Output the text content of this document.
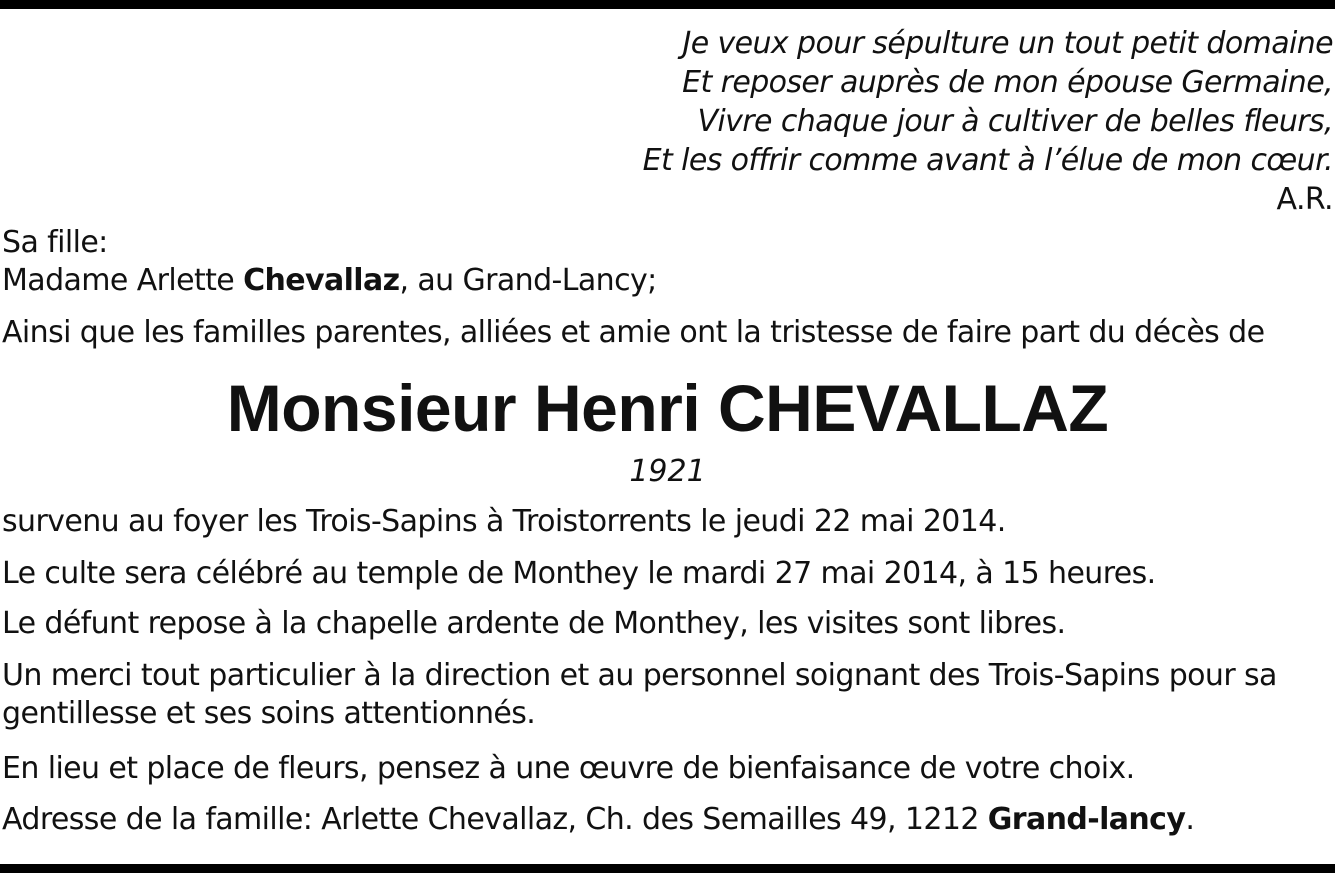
Je veux pour sépulture un tout petit domaine
Et reposer auprès de mon épouse Germaine,
Vivre chaque jour à cultiver de belles fleurs,
Et les offrir comme avant à l’élue de mon cœur.
A.R.
Sa fille:
Madame Arlette Chevallaz, au Grand-Lancy;
Ainsi que les familles parentes, alliées et amie ont la tristesse de faire part du décès de
Monsieur Henri CHEVALLAZ
1921
survenu au foyer les Trois-Sapins à Troistorrents le jeudi 22 mai 2014.
Le culte sera célébré au temple de Monthey le mardi 27 mai 2014, à 15 heures.
Le défunt repose à la chapelle ardente de Monthey, les visites sont libres.
Un merci tout particulier à la direction et au personnel soignant des Trois-Sapins pour sa gentillesse et ses soins attentionnés.
En lieu et place de fleurs, pensez à une œuvre de bienfaisance de votre choix.
Adresse de la famille: Arlette Chevallaz, Ch. des Semailles 49, 1212 Grand-lancy.
